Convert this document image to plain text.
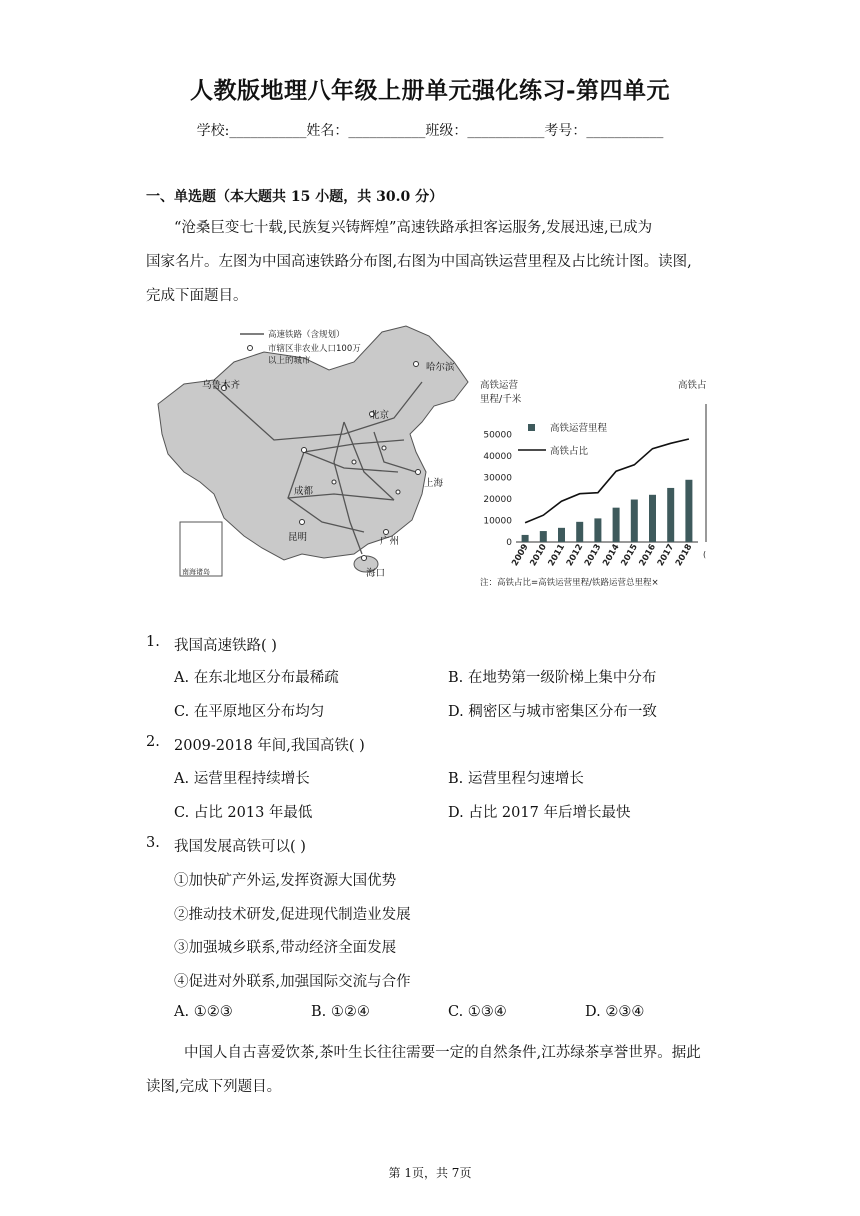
人教版地理八年级上册单元强化练习-第四单元
学校:___________姓名：___________班级：___________考号：___________
一、单选题（本大题共 15 小题，共 30.0 分）
“沧桑巨变七十载,民族复兴铸辉煌”高速铁路承担客运服务,发展迅速,已成为
国家名片。左图为中国高速铁路分布图,右图为中国高铁运营里程及占比统计图。读图,
完成下面题目。
南海诸岛
高速铁路（含规划）
市辖区非农业人口100万
以上的城市
乌鲁木齐
哈尔滨
北京
成都
上海
昆明	广州
海口
高铁运营
里程/千米
高铁占
50000
40000
30000
20000
10000
0
2009
2010
2011
2012
2013
2014
2015
2016
2017
2018
高铁运营里程
高铁占比
(
注：高铁占比=高铁运营里程/铁路运营总里程×
1. 我国高速铁路( )
A. 在东北地区分布最稀疏	B. 在地势第一级阶梯上集中分布
C. 在平原地区分布均匀	D. 稠密区与城市密集区分布一致
2. 2009-2018 年间,我国高铁( )
A. 运营里程持续增长	B. 运营里程匀速增长
C. 占比 2013 年最低	D. 占比 2017 年后增长最快
3. 我国发展高铁可以( )
①加快矿产外运,发挥资源大国优势
②推动技术研发,促进现代制造业发展
③加强城乡联系,带动经济全面发展
④促进对外联系,加强国际交流与合作
A. ①②③	B. ①②④	C. ①③④	D. ②③④
中国人自古喜爱饮茶,茶叶生长往往需要一定的自然条件,江苏绿茶享誉世界。据此
读图,完成下列题目。
第 1页，共 7页
